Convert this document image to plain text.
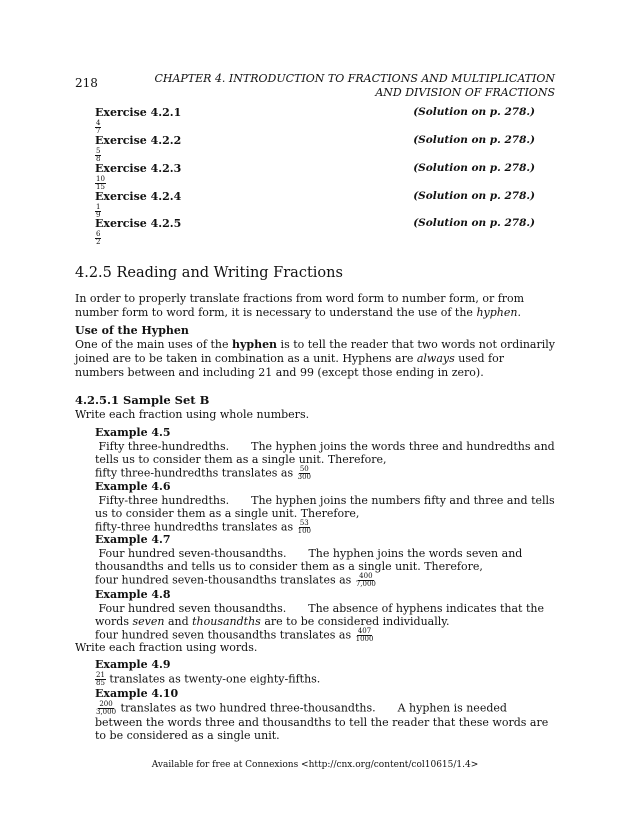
218	CHAPTER 4. INTRODUCTION TO FRACTIONS AND MULTIPLICATION
AND DIVISION OF FRACTIONS
Exercise 4.2.1	(Solution on p. 278.)
$\frac{4}{7}$
Exercise 4.2.2	(Solution on p. 278.)
$\frac{5}{8}$
Exercise 4.2.3	(Solution on p. 278.)
$\frac{10}{15}$
Exercise 4.2.4	(Solution on p. 278.)
$\frac{1}{9}$
Exercise 4.2.5	(Solution on p. 278.)
$\frac{6}{2}$
4.2.5 Reading and Writing Fractions
In order to properly translate fractions from word form to number form, or from number form to word form, it is necessary to understand the use of the hyphen.
Use of the Hyphen
One of the main uses of the hyphen is to tell the reader that two words not ordinarily joined are to be taken in combination as a unit. Hyphens are always used for numbers between and including 21 and 99 (except those ending in zero).
4.2.5.1 Sample Set B
Write each fraction using whole numbers.
Example 4.5
Fifty three-hundredths. The hyphen joins the words three and hundredths and tells us to consider them as a single unit. Therefore,
fifty three-hundredths translates as $\frac{50}{300}$
Example 4.6
Fifty-three hundredths. The hyphen joins the numbers fifty and three and tells us to consider them as a single unit. Therefore,
fifty-three hundredths translates as $\frac{53}{100}$
Example 4.7
Four hundred seven-thousandths. The hyphen joins the words seven and thousandths and tells us to consider them as a single unit. Therefore,
four hundred seven-thousandths translates as $\frac{400}{7,000}$
Example 4.8
Four hundred seven thousandths. The absence of hyphens indicates that the words seven and thousandths are to be considered individually.
four hundred seven thousandths translates as $\frac{407}{1000}$
Write each fraction using words.
Example 4.9
$\frac{21}{85}$ translates as twenty-one eighty-fifths.
Example 4.10
$\frac{200}{3,000}$ translates as two hundred three-thousandths. A hyphen is needed between the words three and thousandths to tell the reader that these words are to be considered as a single unit.
Available for free at Connexions <http://cnx.org/content/col10615/1.4>
